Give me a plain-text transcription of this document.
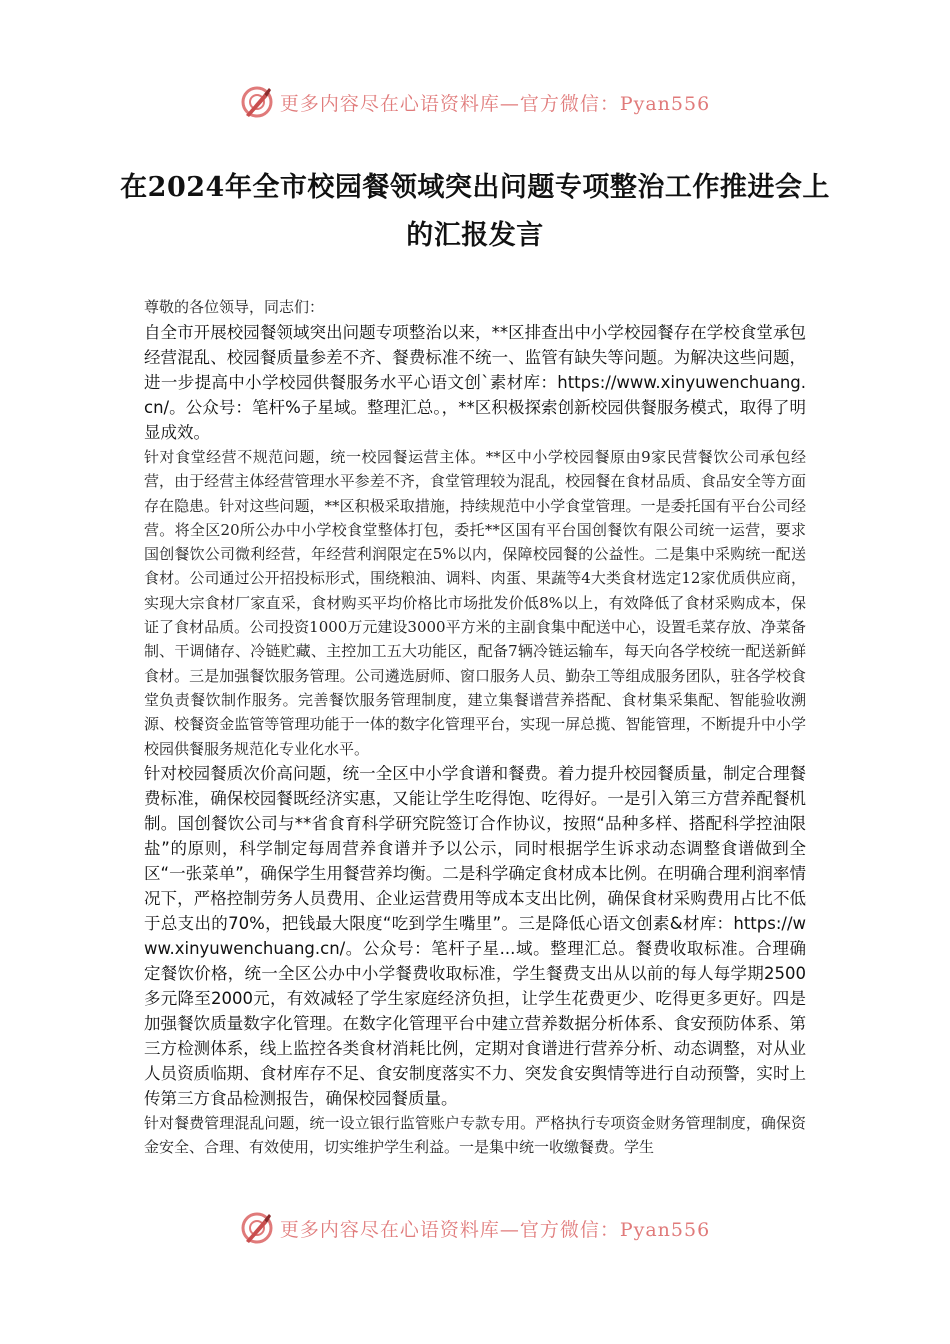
更多内容尽在心语资料库—官方微信：Pyan556
在2024年全市校园餐领域突出问题专项整治工作推进会上的汇报发言

尊敬的各位领导，同志们：

自全市开展校园餐领域突出问题专项整治以来，**区排查出中小学校园餐存在学校食堂承包经营混乱、校园餐质量参差不齐、餐费标准不统一、监管有缺失等问题。为解决这些问题，进一步提高中小学校园供餐服务水平心语文创`素材库：https://www.xinyuwenchuang.cn/。公众号：笔杆%子星域。整理汇总。，**区积极探索创新校园供餐服务模式，取得了明显成效。

针对食堂经营不规范问题，统一校园餐运营主体。**区中小学校园餐原由9家民营餐饮公司承包经营，由于经营主体经营管理水平参差不齐，食堂管理较为混乱，校园餐在食材品质、食品安全等方面存在隐患。针对这些问题，**区积极采取措施，持续规范中小学食堂管理。一是委托国有平台公司经营。将全区20所公办中小学校食堂整体打包，委托**区国有平台国创餐饮有限公司统一运营，要求国创餐饮公司微利经营，年经营利润限定在5%以内，保障校园餐的公益性。二是集中采购统一配送食材。公司通过公开招投标形式，围绕粮油、调料、肉蛋、果蔬等4大类食材选定12家优质供应商，实现大宗食材厂家直采，食材购买平均价格比市场批发价低8%以上，有效降低了食材采购成本，保证了食材品质。公司投资1000万元建设3000平方米的主副食集中配送中心，设置毛菜存放、净菜备制、干调储存、冷链贮藏、主控加工五大功能区，配备7辆冷链运输车，每天向各学校统一配送新鲜食材。三是加强餐饮服务管理。公司遴选厨师、窗口服务人员、勤杂工等组成服务团队，驻各学校食堂负责餐饮制作服务。完善餐饮服务管理制度，建立集餐谱营养搭配、食材集采集配、智能验收溯源、校餐资金监管等管理功能于一体的数字化管理平台，实现一屏总揽、智能管理，不断提升中小学校园供餐服务规范化专业化水平。

针对校园餐质次价高问题，统一全区中小学食谱和餐费。着力提升校园餐质量，制定合理餐费标准，确保校园餐既经济实惠，又能让学生吃得饱、吃得好。一是引入第三方营养配餐机制。国创餐饮公司与**省食育科学研究院签订合作协议，按照“品种多样、搭配科学控油限盐”的原则，科学制定每周营养食谱并予以公示，同时根据学生诉求动态调整食谱做到全区“一张菜单”，确保学生用餐营养均衡。二是科学确定食材成本比例。在明确合理利润率情况下，严格控制劳务人员费用、企业运营费用等成本支出比例，确保食材采购费用占比不低于总支出的70%，把钱最大限度“吃到学生嘴里”。三是降低心语文创素&材库：https://www.xinyuwenchuang.cn/。公众号：笔杆子星...域。整理汇总。餐费收取标准。合理确定餐饮价格，统一全区公办中小学餐费收取标准，学生餐费支出从以前的每人每学期2500多元降至2000元，有效减轻了学生家庭经济负担，让学生花费更少、吃得更多更好。四是加强餐饮质量数字化管理。在数字化管理平台中建立营养数据分析体系、食安预防体系、第三方检测体系，线上监控各类食材消耗比例，定期对食谱进行营养分析、动态调整，对从业人员资质临期、食材库存不足、食安制度落实不力、突发食安舆情等进行自动预警，实时上传第三方食品检测报告，确保校园餐质量。

针对餐费管理混乱问题，统一设立银行监管账户专款专用。严格执行专项资金财务管理制度，确保资金安全、合理、有效使用，切实维护学生利益。一是集中统一收缴餐费。学生

更多内容尽在心语资料库—官方微信：Pyan556
